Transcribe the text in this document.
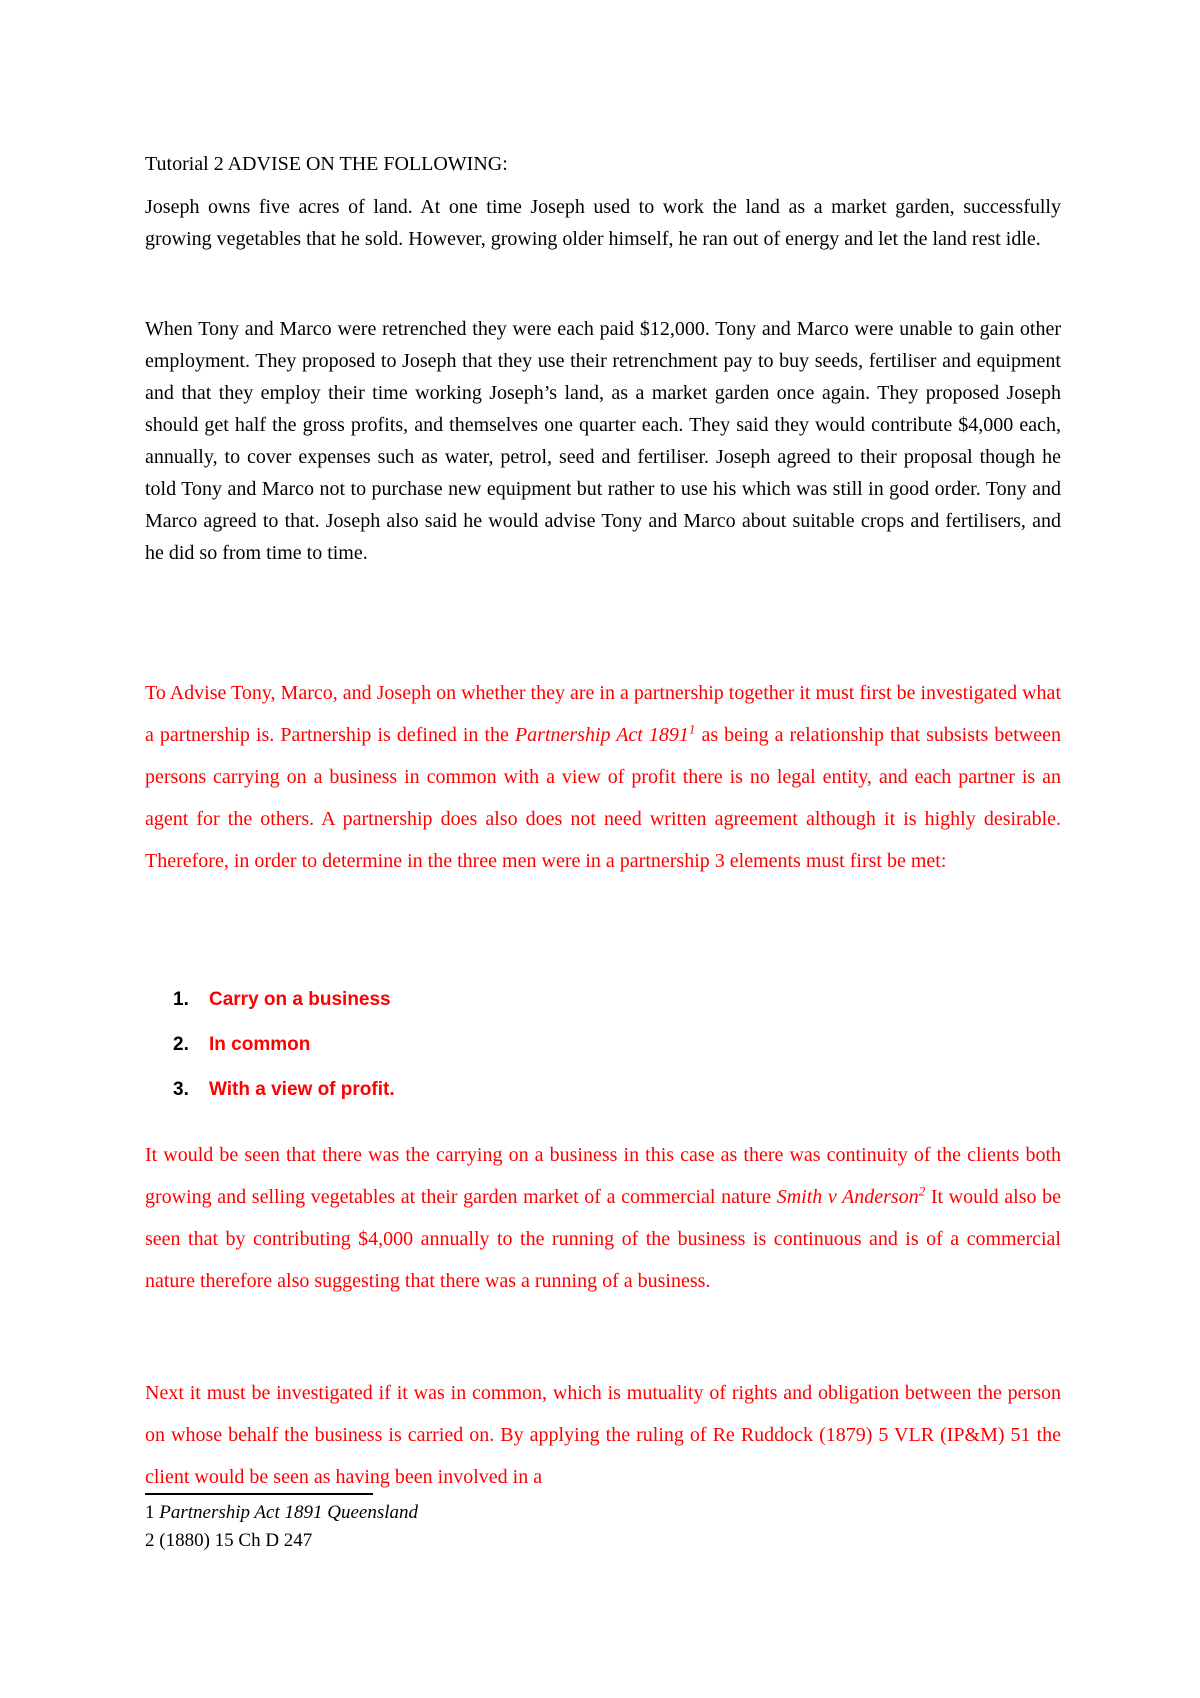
Tutorial 2 ADVISE ON THE FOLLOWING:
Joseph owns five acres of land. At one time Joseph used to work the land as a market garden, successfully growing vegetables that he sold. However, growing older himself, he ran out of energy and let the land rest idle.
When Tony and Marco were retrenched they were each paid $12,000. Tony and Marco were unable to gain other employment. They proposed to Joseph that they use their retrenchment pay to buy seeds, fertiliser and equipment and that they employ their time working Joseph’s land, as a market garden once again. They proposed Joseph should get half the gross profits, and themselves one quarter each. They said they would contribute $4,000 each, annually, to cover expenses such as water, petrol, seed and fertiliser. Joseph agreed to their proposal though he told Tony and Marco not to purchase new equipment but rather to use his which was still in good order. Tony and Marco agreed to that. Joseph also said he would advise Tony and Marco about suitable crops and fertilisers, and he did so from time to time.
To Advise Tony, Marco, and Joseph on whether they are in a partnership together it must first be investigated what a partnership is. Partnership is defined in the Partnership Act 1891$^1$ as being a relationship that subsists between persons carrying on a business in common with a view of profit there is no legal entity, and each partner is an agent for the others. A partnership does also does not need written agreement although it is highly desirable. Therefore, in order to determine in the three men were in a partnership 3 elements must first be met:
1. Carry on a business
2. In common
3. With a view of profit.
It would be seen that there was the carrying on a business in this case as there was continuity of the clients both growing and selling vegetables at their garden market of a commercial nature Smith v Anderson$^2$ It would also be seen that by contributing $4,000 annually to the running of the business is continuous and is of a commercial nature therefore also suggesting that there was a running of a business.
Next it must be investigated if it was in common, which is mutuality of rights and obligation between the person on whose behalf the business is carried on. By applying the ruling of Re Ruddock (1879) 5 VLR (IP&M) 51 the client would be seen as having been involved in a
1 Partnership Act 1891 Queensland
2 (1880) 15 Ch D 247
